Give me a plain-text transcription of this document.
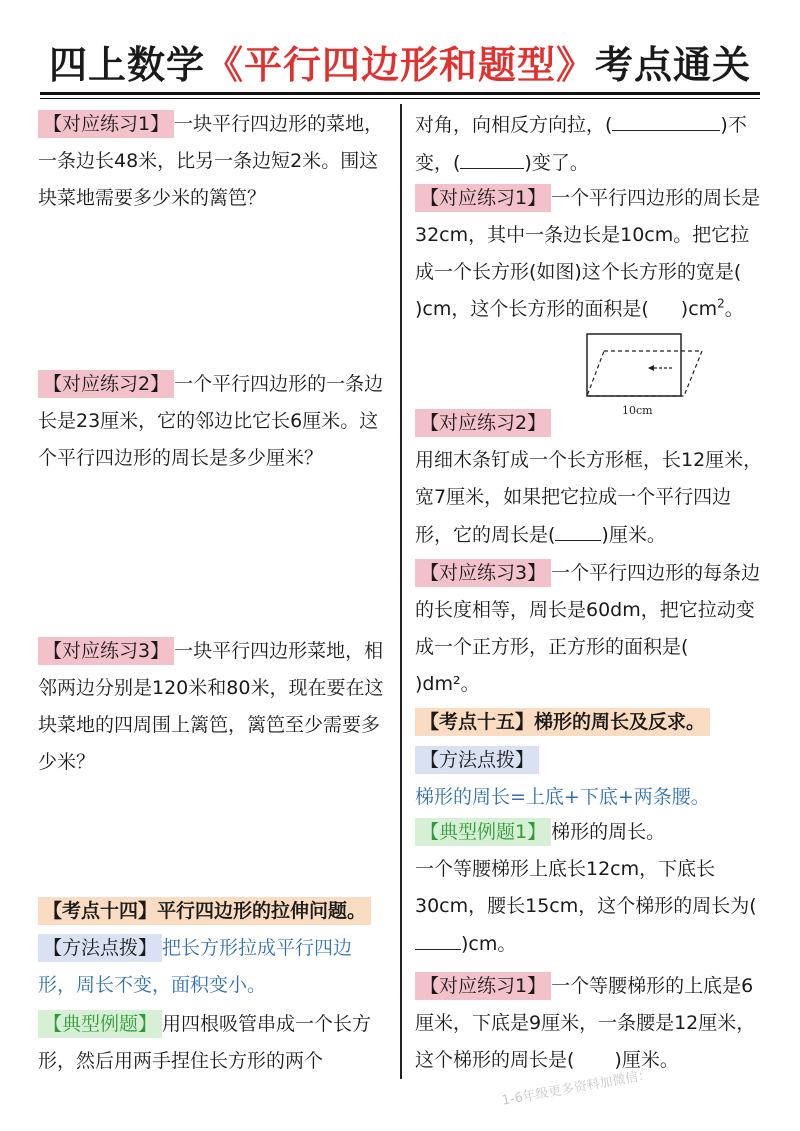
四上数学《平行四边形和题型》考点通关

【对应练习1】 一块平行四边形的菜地，一条边长48米，比另一条边短2米。围这块菜地需要多少米的篱笆？

【对应练习2】 一个平行四边形的一条边长是23厘米，它的邻边比它长6厘米。这个平行四边形的周长是多少厘米？

【对应练习3】 一块平行四边形菜地，相邻两边分别是120米和80米，现在要在这块菜地的四周围上篱笆，篱笆至少需要多少米？

【考点十四】平行四边形的拉伸问题。

【方法点拨】 把长方形拉成平行四边形，周长不变，面积变小。

【典型例题】 用四根吸管串成一个长方形，然后用两手捏住长方形的两个

对角，向相反方向拉，(	)不变，(	)变了。

【对应练习1】 一个平行四边形的周长是32cm，其中一条边长是10cm。把它拉成一个长方形(如图)这个长方形的宽是()cm，这个长方形的面积是( )$cm^2$。

10cm

【对应练习2】
用细木条钉成一个长方形框，长12厘米，宽7厘米，如果把它拉成一个平行四边形，它的周长是( )厘米。

【对应练习3】 一个平行四边形的每条边的长度相等，周长是60dm，把它拉动变成一个正方形，正方形的面积是()dm²。

【考点十五】梯形的周长及反求。

【方法点拨】

梯形的周长=上底+下底+两条腰。

【典型例题1】 梯形的周长。
一个等腰梯形上底长12cm，下底长30cm，腰长15cm，这个梯形的周长为()cm。

【对应练习1】 一个等腰梯形的上底是6厘米，下底是9厘米，一条腰是12厘米，这个梯形的周长是( )厘米。

1-6年级更多资料加微信：
